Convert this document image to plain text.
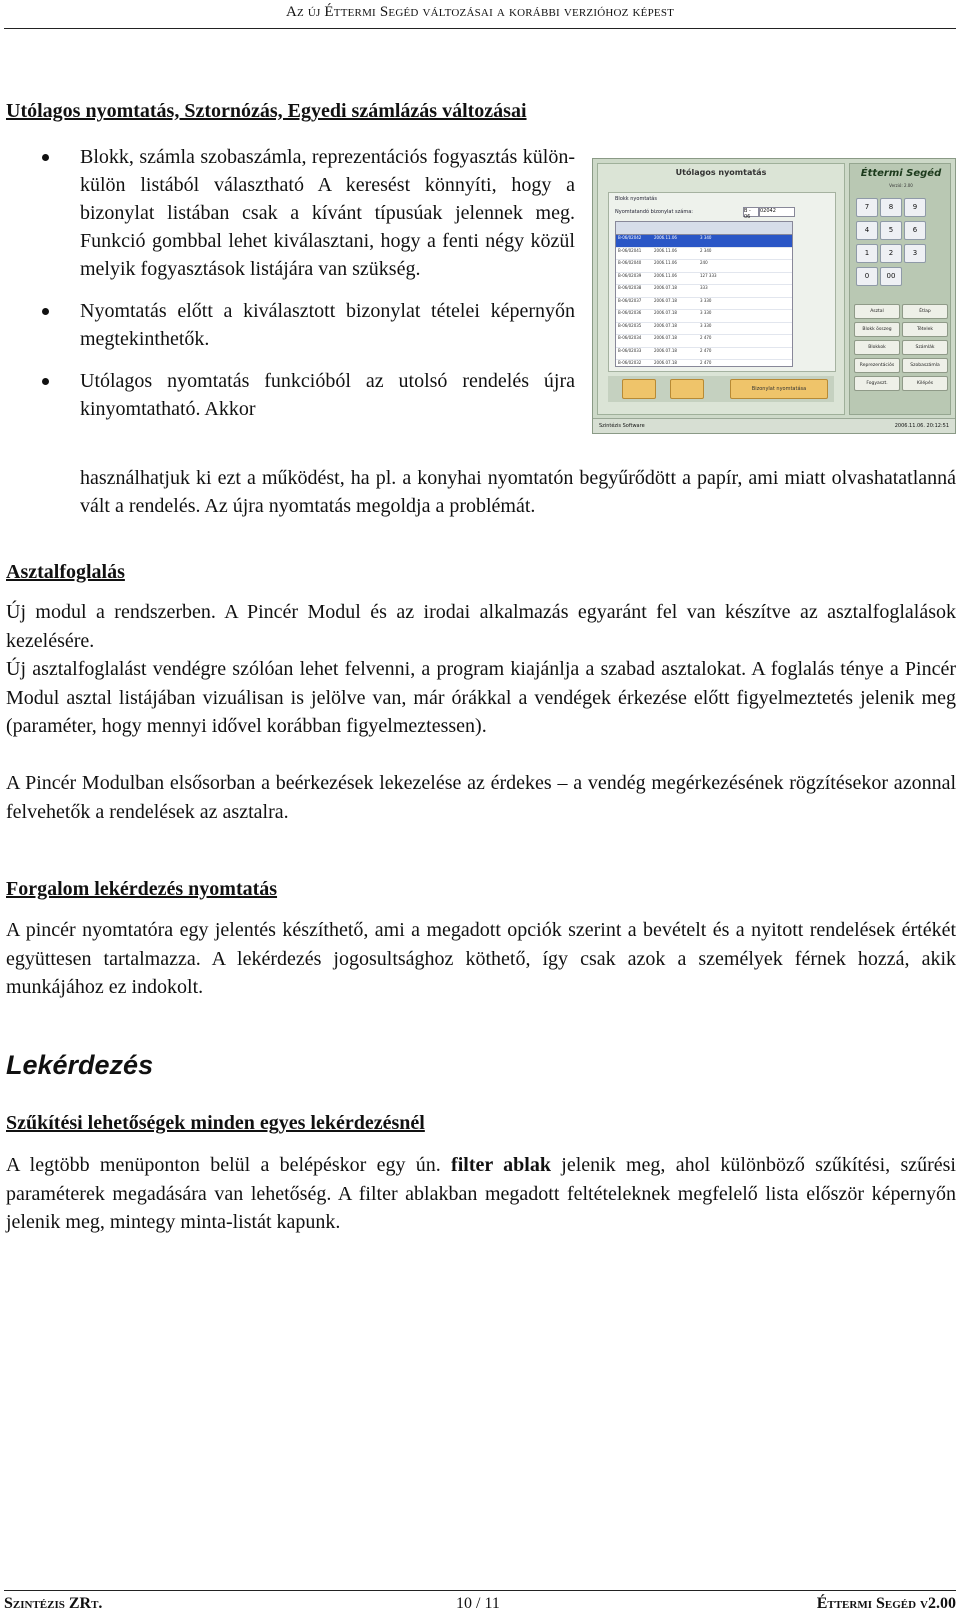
Az új Éttermi Segéd változásai a korábbi verzióhoz képest
Utólagos nyomtatás, Sztornózás, Egyedi számlázás változásai
Blokk, számla szobaszámla, reprezentációs fogyasztás külön-külön listából választható A keresést könnyíti, hogy a bizonylat listában csak a kívánt típusúak jelennek meg. Funkció gombbal lehet kiválasztani, hogy a fenti négy közül melyik fogyasztások listájára van szükség.
Nyomtatás előtt a kiválasztott bizonylat tételei képernyőn megtekinthetők.
Utólagos nyomtatás funkcióból az utolsó rendelés újra kinyomtatható. Akkor
használhatjuk ki ezt a működést, ha pl. a konyhai nyomtatón begyűrődött a papír, ami miatt olvashatatlanná vált a rendelés. Az újra nyomtatás megoldja a problémát.
Utólagos nyomtatás
Blokk nyomtatás
Nyomtatandó bizonylat száma:	B - 06
02042
B-06/02042	2006.11.06	3 340
B-06/02041	2006.11.06	2 340
B-06/02040	2006.11.06	240
B-06/02039	2006.11.06	127 333
B-06/02038	2006.07.18	333
B-06/02037	2006.07.18	3 330
B-06/02036	2006.07.18	3 330
B-06/02035	2006.07.18	3 330
B-06/02034	2006.07.18	2 470
B-06/02033	2006.07.18	2 470
B-06/02032	2006.07.18	2 470
Bizonylat nyomtatása
Éttermi Segéd
Verzió: 2.00
7	8	9
4	5	6
1	2	3
0	00
Asztal	Étlap
Blokk összeg	Tételek
Blokkok	Számlák
Reprezentációs	Szobaszámla
Fogyaszt.	Kilépés
Szintézis Software	2006.11.06. 20:12:51
Asztalfoglalás

Új modul a rendszerben. A Pincér Modul és az irodai alkalmazás egyaránt fel van készítve az asztalfoglalások kezelésére.

Új asztalfoglalást vendégre szólóan lehet felvenni, a program kiajánlja a szabad asztalokat. A foglalás ténye a Pincér Modul asztal listájában vizuálisan is jelölve van, már órákkal a vendégek érkezése előtt figyelmeztetés jelenik meg (paraméter, hogy mennyi idővel korábban figyelmeztessen).

A Pincér Modulban elsősorban a beérkezések lekezelése az érdekes – a vendég megérkezésének rögzítésekor azonnal felvehetők a rendelések az asztalra.

Forgalom lekérdezés nyomtatás

A pincér nyomtatóra egy jelentés készíthető, ami a megadott opciók szerint a bevételt és a nyitott rendelések értékét együttesen tartalmazza. A lekérdezés jogosultsághoz köthető, így csak azok a személyek férnek hozzá, akik munkájához ez indokolt.

Lekérdezés
Szűkítési lehetőségek minden egyes lekérdezésnél

A legtöbb menüponton belül a belépéskor egy ún. filter ablak jelenik meg, ahol különböző szűkítési, szűrési paraméterek megadására van lehetőség. A filter ablakban megadott feltételeknek megfelelő lista először képernyőn jelenik meg, mintegy minta-listát kapunk.

Szintézis ZRt.	10 / 11	Éttermi Segéd v2.00
